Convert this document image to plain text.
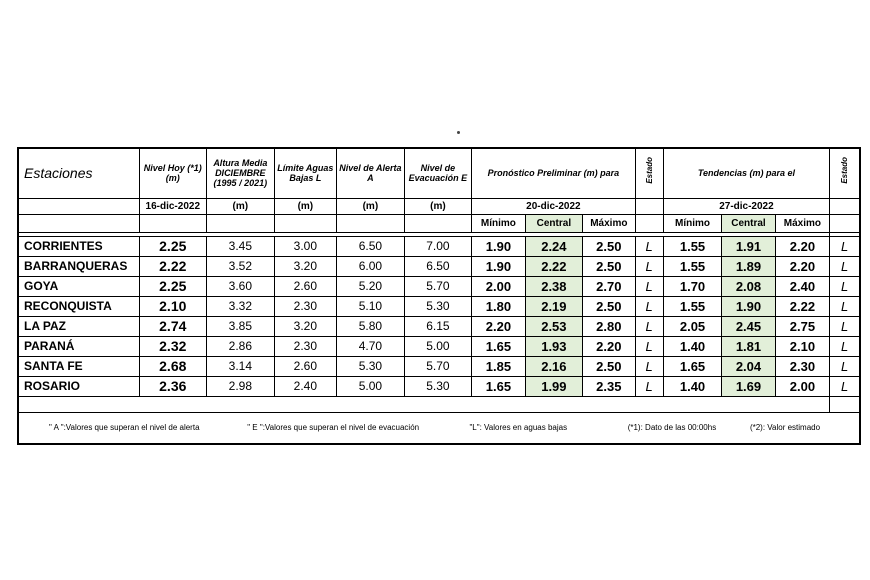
Estaciones	Nivel Hoy (*1) (m)	Altura Media DICIEMBRE (1995 / 2021)	Límite Aguas Bajas L	Nivel de Alerta A	Nivel de Evacuación E	Pronóstico Preliminar (m) para			Estado	Tendencias (m) para el			Estado
	16-dic-2022	(m)	(m)	(m)	(m)	20-dic-2022				27-dic-2022			
						Mínimo	Central	Máximo		Mínimo	Central	Máximo	

CORRIENTES	2.25	3.45	3.00	6.50	7.00	1.90	2.24	2.50	L	1.55	1.91	2.20	L
BARRANQUERAS	2.22	3.52	3.20	6.00	6.50	1.90	2.22	2.50	L	1.55	1.89	2.20	L
GOYA	2.25	3.60	2.60	5.20	5.70	2.00	2.38	2.70	L	1.70	2.08	2.40	L
RECONQUISTA	2.10	3.32	2.30	5.10	5.30	1.80	2.19	2.50	L	1.55	1.90	2.22	L
LA PAZ	2.74	3.85	3.20	5.80	6.15	2.20	2.53	2.80	L	2.05	2.45	2.75	L
PARANÁ	2.32	2.86	2.30	4.70	5.00	1.65	1.93	2.20	L	1.40	1.81	2.10	L
SANTA FE	2.68	3.14	2.60	5.30	5.70	1.85	2.16	2.50	L	1.65	2.04	2.30	L
ROSARIO	2.36	2.98	2.40	5.00	5.30	1.65	1.99	2.35	L	1.40	1.69	2.00	L

" A ":Valores que superan el nivel de alerta " E ":Valores que superan el nivel de evacuación "L": Valores en aguas bajas (*1): Dato de las 00:00hs (*2): Valor estimado													
